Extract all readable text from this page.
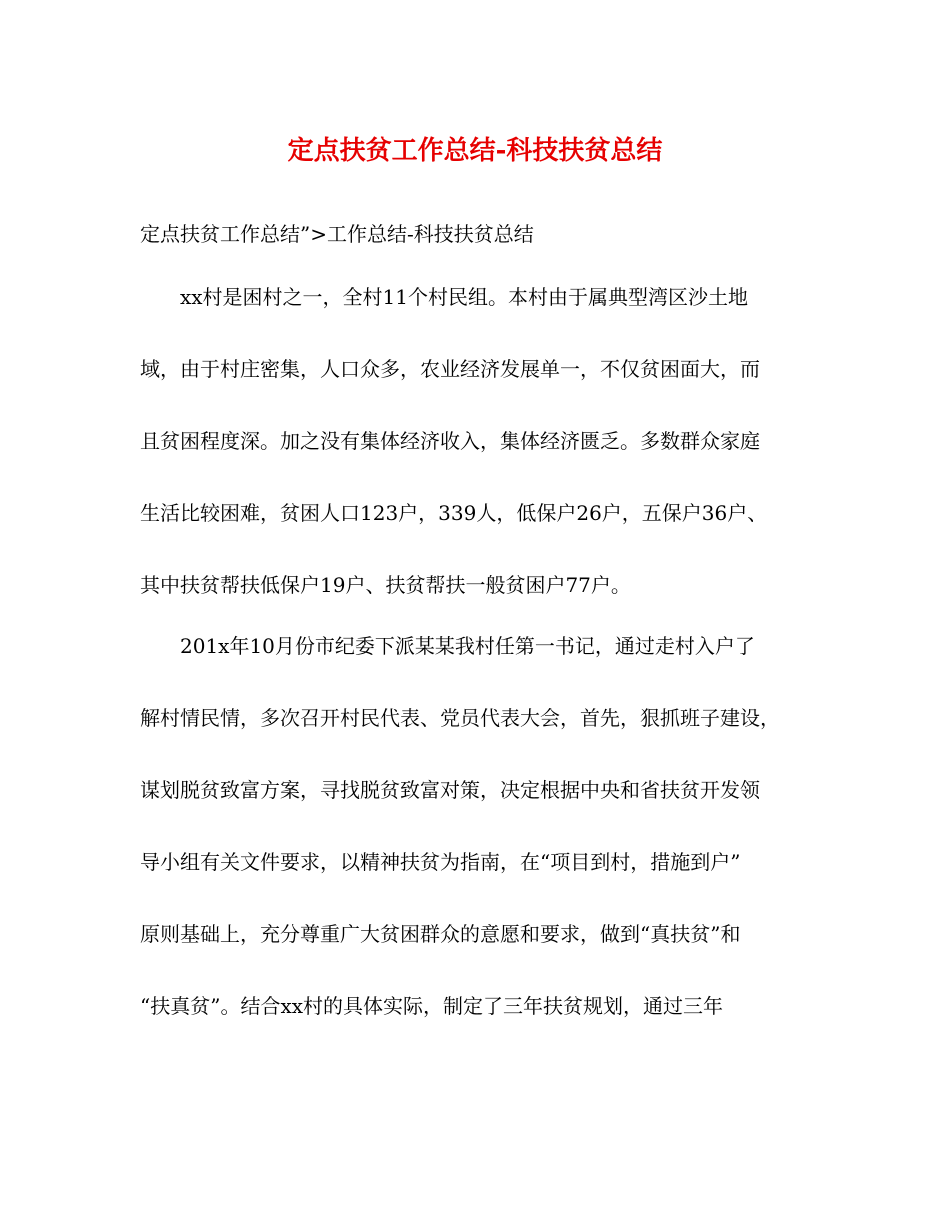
定点扶贫工作总结-科技扶贫总结

定点扶贫工作总结”>工作总结-科技扶贫总结

xx村是困村之一，全村11个村民组。本村由于属典型湾区沙土地
域，由于村庄密集，人口众多，农业经济发展单一，不仅贫困面大，而
且贫困程度深。加之没有集体经济收入，集体经济匮乏。多数群众家庭
生活比较困难，贫困人口123户，339人，低保户26户，五保户36户、
其中扶贫帮扶低保户19户、扶贫帮扶一般贫困户77户。
201x年10月份市纪委下派某某我村任第一书记，通过走村入户了
解村情民情，多次召开村民代表、党员代表大会，首先，狠抓班子建设，
谋划脱贫致富方案，寻找脱贫致富对策，决定根据中央和省扶贫开发领
导小组有关文件要求，以精神扶贫为指南，在“项目到村，措施到户”
原则基础上，充分尊重广大贫困群众的意愿和要求，做到“真扶贫”和
“扶真贫”。结合xx村的具体实际，制定了三年扶贫规划，通过三年
